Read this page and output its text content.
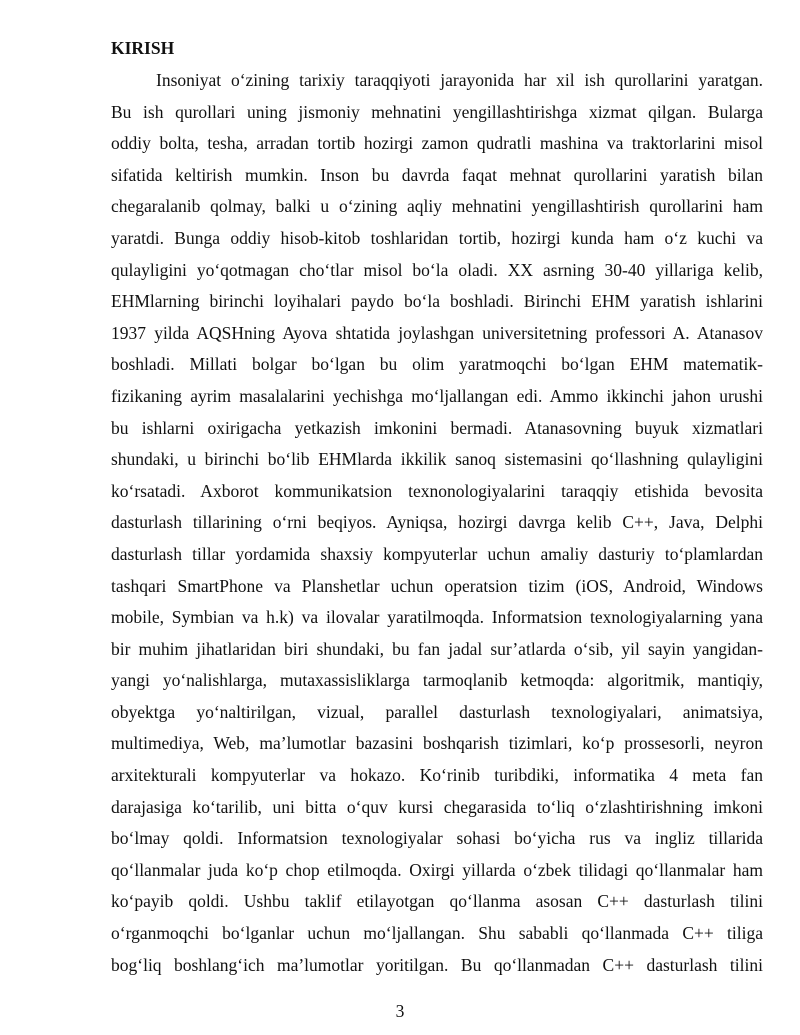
KIRISH
Insoniyat o‘zining tarixiy taraqqiyoti jarayonida har xil ish qurollarini yaratgan.
Bu ish qurollari uning jismoniy mehnatini yengillashtirishga xizmat qilgan. Bularga
oddiy bolta, tesha, arradan tortib hozirgi zamon qudratli mashina va traktorlarini misol
sifatida keltirish mumkin. Inson bu davrda faqat mehnat qurollarini yaratish bilan
chegaralanib qolmay, balki u o‘zining aqliy mehnatini yengillashtirish qurollarini ham
yaratdi. Bunga oddiy hisob-kitob toshlaridan tortib, hozirgi kunda ham o‘z kuchi va
qulayligini yo‘qotmagan cho‘tlar misol bo‘la oladi. XX asrning 30-40 yillariga kelib,
EHMlarning birinchi loyihalari paydo bo‘la boshladi. Birinchi EHM yaratish ishlarini
1937 yilda AQSHning Ayova shtatida joylashgan universitetning professori A. Atanasov
boshladi. Millati bolgar bo‘lgan bu olim yaratmoqchi bo‘lgan EHM matematik-
fizikaning ayrim masalalarini yechishga mo‘ljallangan edi. Ammo ikkinchi jahon urushi
bu ishlarni oxirigacha yetkazish imkonini bermadi. Atanasovning buyuk xizmatlari
shundaki, u birinchi bo‘lib EHMlarda ikkilik sanoq sistemasini qo‘llashning qulayligini
ko‘rsatadi. Axborot kommunikatsion texnonologiyalarini taraqqiy etishida bevosita
dasturlash tillarining o‘rni beqiyos. Ayniqsa, hozirgi davrga kelib C++, Java, Delphi
dasturlash tillar yordamida shaxsiy kompyuterlar uchun amaliy dasturiy to‘plamlardan
tashqari SmartPhone va Planshetlar uchun operatsion tizim (iOS, Android, Windows
mobile, Symbian va h.k) va ilovalar yaratilmoqda. Informatsion texnologiyalarning yana
bir muhim jihatlaridan biri shundaki, bu fan jadal sur’atlarda o‘sib, yil sayin yangidan-
yangi yo‘nalishlarga, mutaxassisliklarga tarmoqlanib ketmoqda: algoritmik, mantiqiy,
obyektga yo‘naltirilgan, vizual, parallel dasturlash texnologiyalari, animatsiya,
multimediya, Web, ma’lumotlar bazasini boshqarish tizimlari, ko‘p prossesorli, neyron
arxitekturali kompyuterlar va hokazo. Ko‘rinib turibdiki, informatika 4 meta fan
darajasiga ko‘tarilib, uni bitta o‘quv kursi chegarasida to‘liq o‘zlashtirishning imkoni
bo‘lmay qoldi. Informatsion texnologiyalar sohasi bo‘yicha rus va ingliz tillarida
qo‘llanmalar juda ko‘p chop etilmoqda. Oxirgi yillarda o‘zbek tilidagi qo‘llanmalar ham
ko‘payib qoldi. Ushbu taklif etilayotgan qo‘llanma asosan C++ dasturlash tilini
o‘rganmoqchi bo‘lganlar uchun mo‘ljallangan. Shu sababli qo‘llanmada C++ tiliga
bog‘liq boshlang‘ich ma’lumotlar yoritilgan. Bu qo‘llanmadan C++ dasturlash tilini
3
